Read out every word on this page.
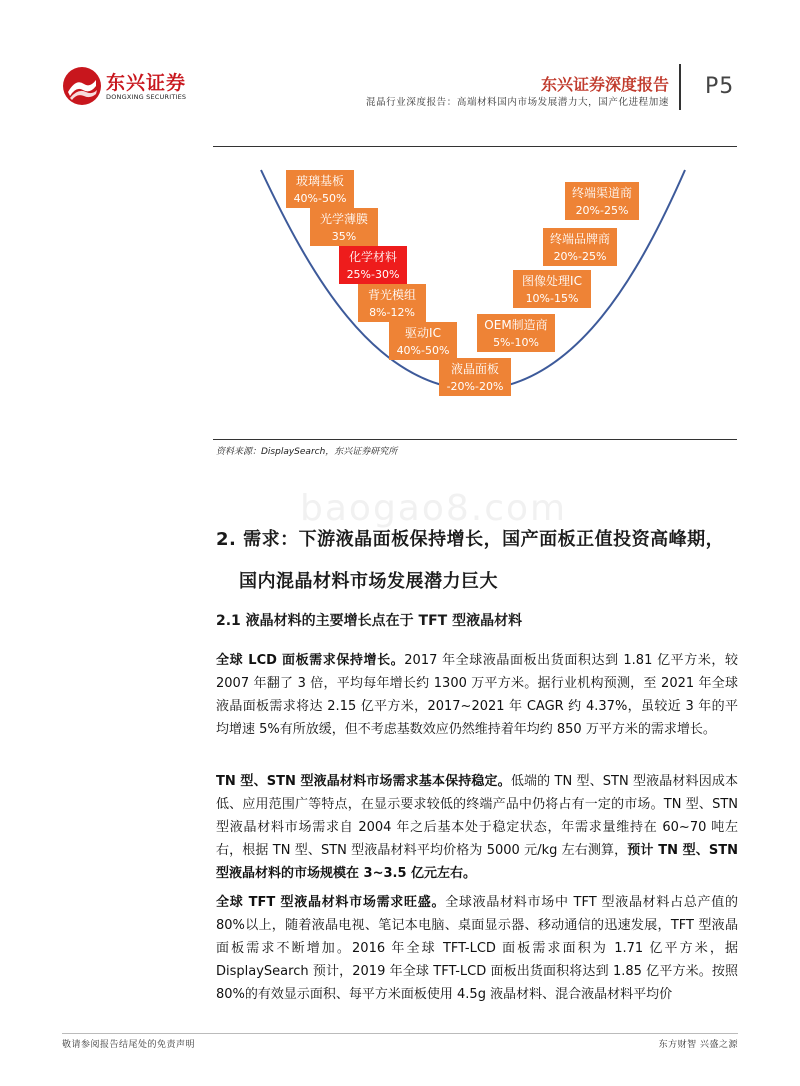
东兴证券
DONGXING SECURITIES
东兴证券深度报告
混晶行业深度报告：高端材料国内市场发展潜力大，国产化进程加速
P5
玻璃基板
40%-50%
光学薄膜
35%
化学材料
25%-30%
背光模组
8%-12%
驱动IC
40%-50%
液晶面板
-20%-20%
OEM制造商
5%-10%
图像处理IC
10%-15%
终端品牌商
20%-25%
终端渠道商
20%-25%
资料来源：DisplaySearch，东兴证券研究所
baogao8.com
2. 需求：下游液晶面板保持增长，国产面板正值投资高峰期，
国内混晶材料市场发展潜力巨大
2.1 液晶材料的主要增长点在于 TFT 型液晶材料
全球 LCD 面板需求保持增长。2017 年全球液晶面板出货面积达到 1.81 亿平方米，较 2007 年翻了 3 倍，平均每年增长约 1300 万平方米。据行业机构预测，至 2021 年全球液晶面板需求将达 2.15 亿平方米，2017~2021 年 CAGR 约 4.37%，虽较近 3 年的平均增速 5%有所放缓，但不考虑基数效应仍然维持着年均约 850 万平方米的需求增长。
TN 型、STN 型液晶材料市场需求基本保持稳定。低端的 TN 型、STN 型液晶材料因成本低、应用范围广等特点，在显示要求较低的终端产品中仍将占有一定的市场。TN 型、STN 型液晶材料市场需求自 2004 年之后基本处于稳定状态，年需求量维持在 60~70 吨左右，根据 TN 型、STN 型液晶材料平均价格为 5000 元/kg 左右测算，预计 TN 型、STN 型液晶材料的市场规模在 3~3.5 亿元左右。
全球 TFT 型液晶材料市场需求旺盛。全球液晶材料市场中 TFT 型液晶材料占总产值的 80%以上，随着液晶电视、笔记本电脑、桌面显示器、移动通信的迅速发展，TFT 型液晶面板需求不断增加。2016 年全球 TFT-LCD 面板需求面积为 1.71 亿平方米，据 DisplaySearch 预计，2019 年全球 TFT-LCD 面板出货面积将达到 1.85 亿平方米。按照 80%的有效显示面积、每平方米面板使用 4.5g 液晶材料、混合液晶材料平均价
敬请参阅报告结尾处的免责声明	东方财智 兴盛之源
